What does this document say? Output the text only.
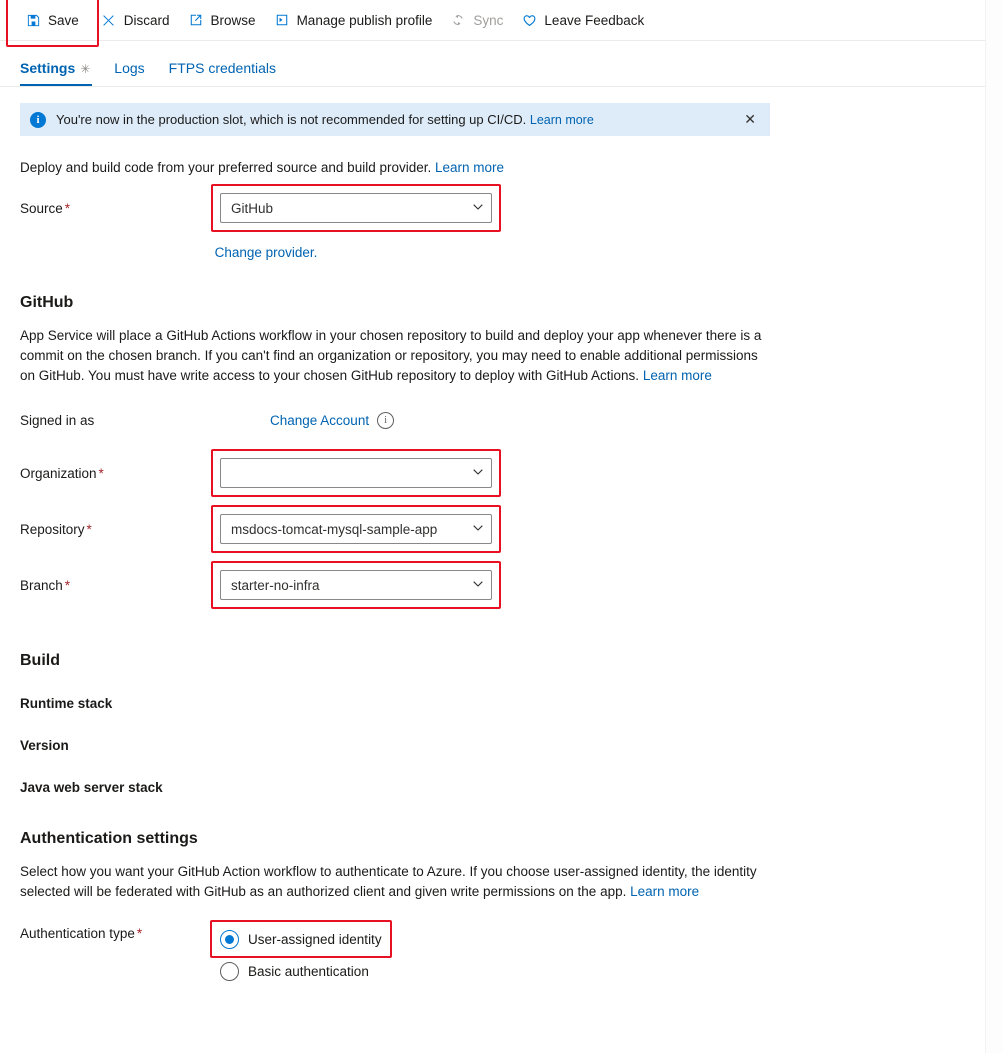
Save	Discard	Browse	Manage publish profile	Sync	Leave Feedback
Settings ✳ Logs FTPS credentials
i	You're now in the production slot, which is not recommended for setting up CI/CD. Learn more	✕
Deploy and build code from your preferred source and build provider. Learn more
Source *	GitHub
Change provider.
GitHub

App Service will place a GitHub Actions workflow in your chosen repository to build and deploy your app whenever there is a commit on the chosen branch. If you can't find an organization or repository, you may need to enable additional permissions on GitHub. You must have write access to your chosen GitHub repository to deploy with GitHub Actions. Learn more

Signed in as	Change Account	i
Organization *
Repository *	msdocs-tomcat-mysql-sample-app
Branch *	starter-no-infra
Build
Runtime stack
Version
Java web server stack
Authentication settings

Select how you want your GitHub Action workflow to authenticate to Azure. If you choose user-assigned identity, the identity selected will be federated with GitHub as an authorized client and given write permissions on the app. Learn more

Authentication type *	User-assigned identity
Basic authentication
